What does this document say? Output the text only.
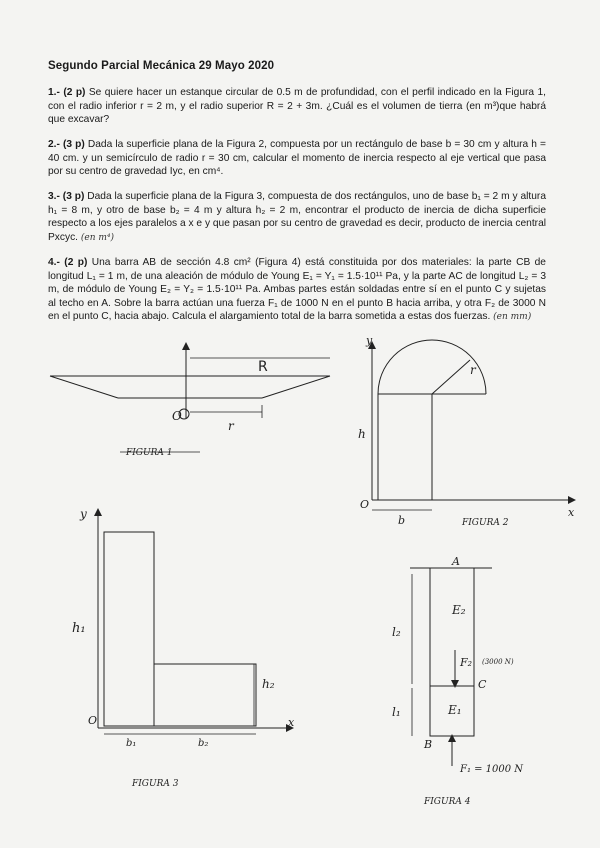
Segundo Parcial Mecánica 29 Mayo 2020
1.- (2 p) Se quiere hacer un estanque circular de 0.5 m de profundidad, con el perfil indicado en la Figura 1, con el radio inferior r = 2 m, y el radio superior R = 2 + 3m. ¿Cuál es el volumen de tierra (en m³)que habrá que excavar?
2.- (3 p) Dada la superficie plana de la Figura 2, compuesta por un rectángulo de base b = 30 cm y altura h = 40 cm. y un semicírculo de radio r = 30 cm, calcular el momento de inercia respecto al eje vertical que pasa por su centro de gravedad Iyc, en cm⁴.
3.- (3 p) Dada la superficie plana de la Figura 3, compuesta de dos rectángulos, uno de base b₁ = 2 m y altura h₁ = 8 m, y otro de base b₂ = 4 m y altura h₂ = 2 m, encontrar el producto de inercia de dicha superficie respecto a los ejes paralelos a x e y que pasan por su centro de gravedad es decir, producto de inercia central Pxcyc. (en m⁴)
4.- (2 p) Una barra AB de sección 4.8 cm² (Figura 4) está constituida por dos materiales: la parte CB de longitud L₁ = 1 m, de una aleación de módulo de Young E₁ = Y₁ = 1.5·10¹¹ Pa, y la parte AC de longitud L₂ = 3 m, de módulo de Young E₂ = Y₂ = 1.5·10¹¹ Pa. Ambas partes están soldadas entre sí en el punto C y sujetas al techo en A. Sobre la barra actúan una fuerza F₁ de 1000 N en el punto B hacia arriba, y otra F₂ de 3000 N en el punto C, hacia abajo. Calcula el alargamiento total de la barra sometida a estas dos fuerzas. (en mm)
R
r
O
FIGURA 1
y
r
h
b
O
x
FIGURA 2
y
h₁
h₂
b₁	b₂
O	x
FIGURA 3
A
E₂
E₁
l₂
l₁
F₂ (3000 N)
C
B
F₁ = 1000 N
FIGURA 4
